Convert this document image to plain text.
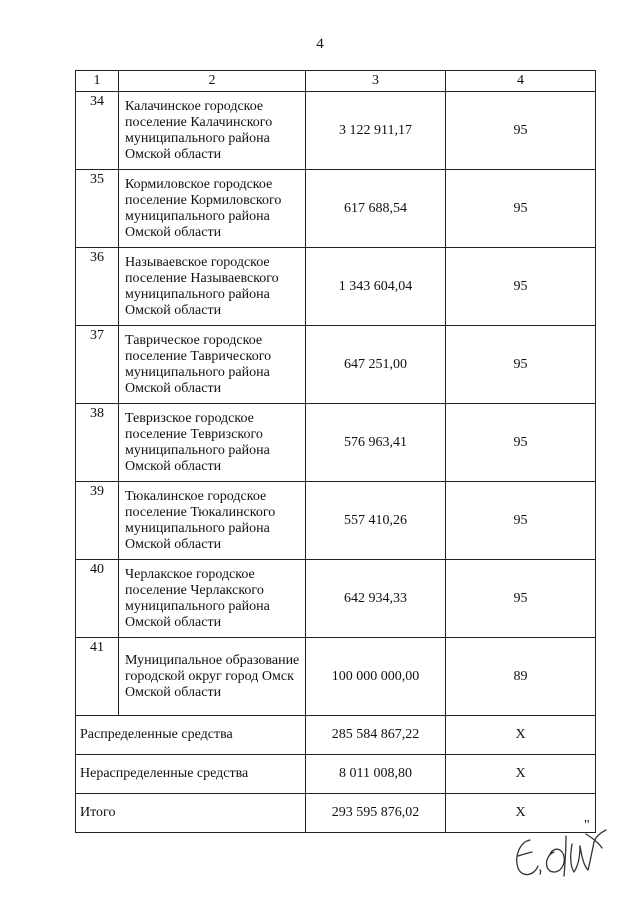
4
1	2	3	4
34	Калачинское городское поселение Калачинского муниципального района Омской области	3 122 911,17	95
35	Кормиловское городское поселение Кормиловского муниципального района Омской области	617 688,54	95
36	Называевское городское поселение Называевского муниципального района Омской области	1 343 604,04	95
37	Таврическое городское поселение Таврического муниципального района Омской области	647 251,00	95
38	Тевризское городское поселение Тевризского муниципального района Омской области	576 963,41	95
39	Тюкалинское городское поселение Тюкалинского муниципального района Омской области	557 410,26	95
40	Черлакское городское поселение Черлакского муниципального района Омской области	642 934,33	95
41	Муниципальное образование городской округ город Омск Омской области	100 000 000,00	89
Распределенные средства		285 584 867,22	Х
Нераспределенные средства		8 011 008,80	Х
Итого		293 595 876,02	Х
"
